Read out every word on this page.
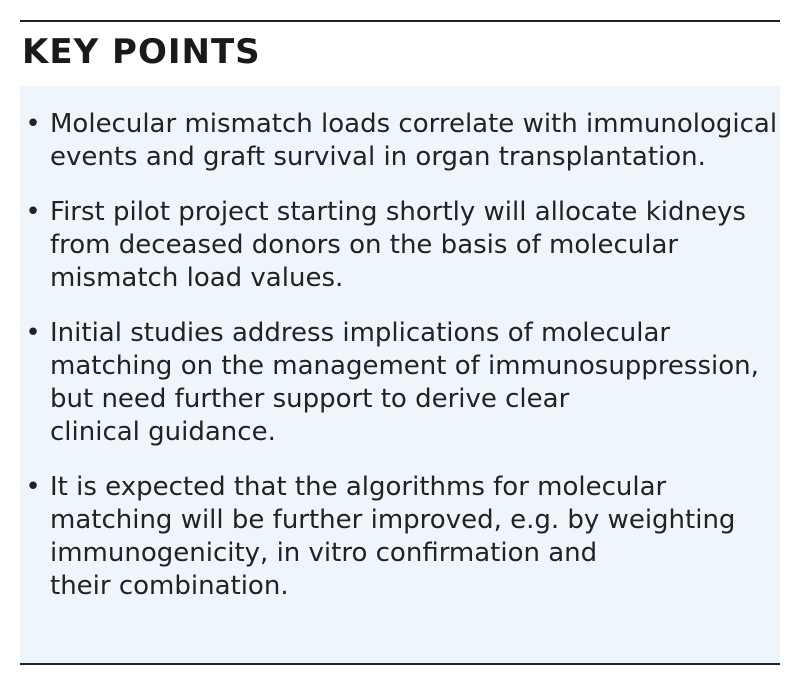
KEY POINTS
• Molecular mismatch loads correlate with immunological
events and graft survival in organ transplantation.
• First pilot project starting shortly will allocate kidneys
from deceased donors on the basis of molecular
mismatch load values.
• Initial studies address implications of molecular
matching on the management of immunosuppression,
but need further support to derive clear
clinical guidance.
• It is expected that the algorithms for molecular
matching will be further improved, e.g. by weighting
immunogenicity, in vitro confirmation and
their combination.
